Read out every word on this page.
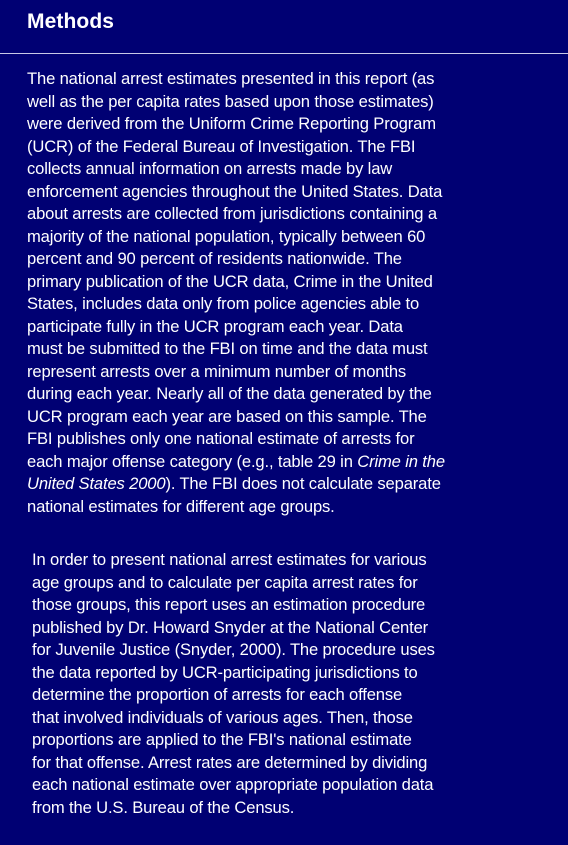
Methods
The national arrest estimates presented in this report (as
well as the per capita rates based upon those estimates)
were derived from the Uniform Crime Reporting Program
(UCR) of the Federal Bureau of Investigation. The FBI
collects annual information on arrests made by law
enforcement agencies throughout the United States. Data
about arrests are collected from jurisdictions containing a
majority of the national population, typically between 60
percent and 90 percent of residents nationwide. The
primary publication of the UCR data, Crime in the United
States, includes data only from police agencies able to
participate fully in the UCR program each year. Data
must be submitted to the FBI on time and the data must
represent arrests over a minimum number of months
during each year. Nearly all of the data generated by the
UCR program each year are based on this sample. The
FBI publishes only one national estimate of arrests for
each major offense category (e.g., table 29 in Crime in the
United States 2000). The FBI does not calculate separate
national estimates for different age groups.
In order to present national arrest estimates for various
age groups and to calculate per capita arrest rates for
those groups, this report uses an estimation procedure
published by Dr. Howard Snyder at the National Center
for Juvenile Justice (Snyder, 2000). The procedure uses
the data reported by UCR-participating jurisdictions to
determine the proportion of arrests for each offense
that involved individuals of various ages. Then, those
proportions are applied to the FBI's national estimate
for that offense. Arrest rates are determined by dividing
each national estimate over appropriate population data
from the U.S. Bureau of the Census.
